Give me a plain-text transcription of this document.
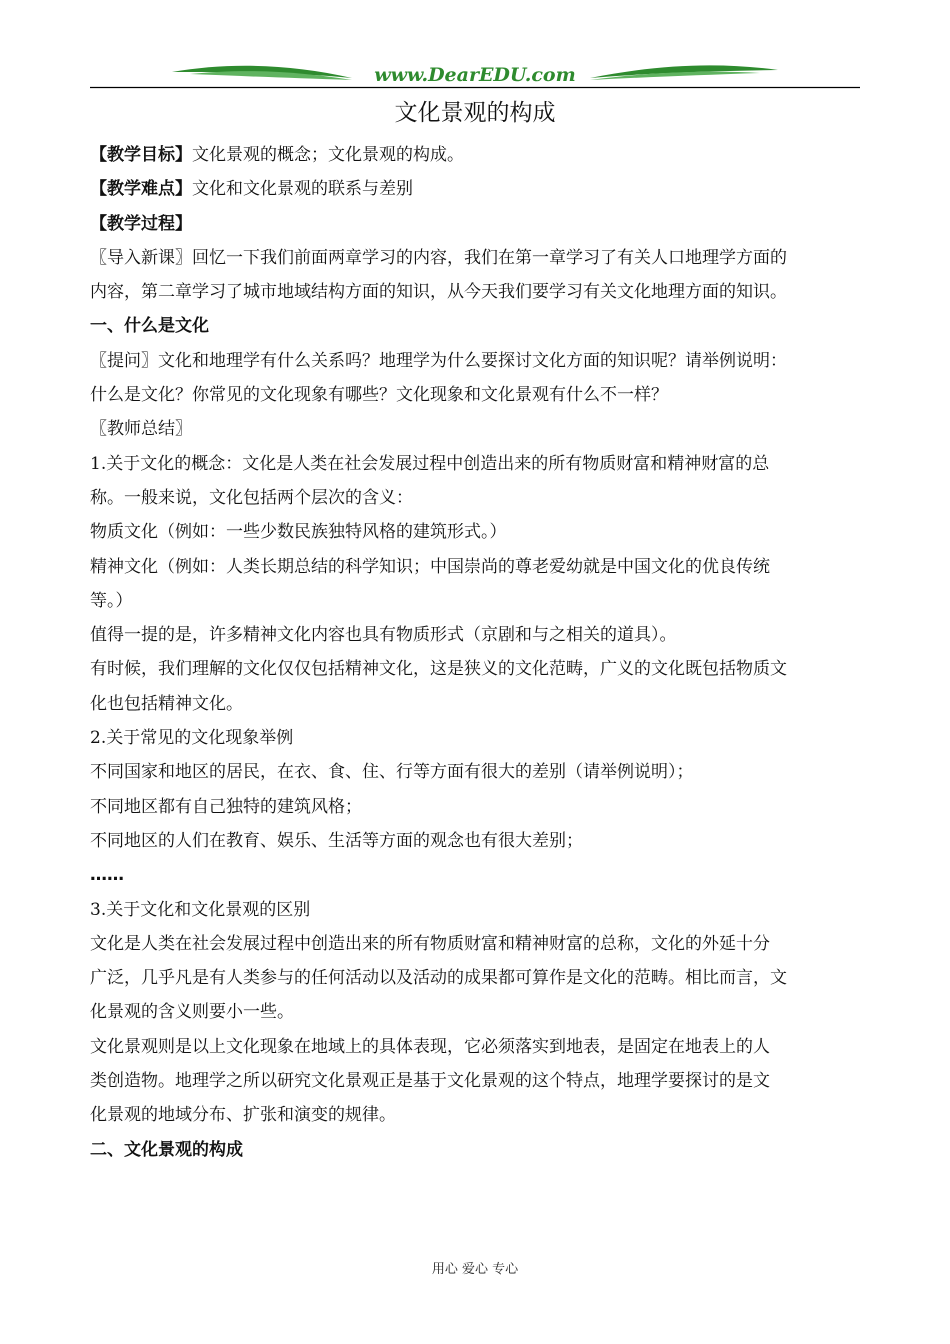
www.DearEDU.com
文化景观的构成
【教学目标】文化景观的概念；文化景观的构成。
【教学难点】文化和文化景观的联系与差别
【教学过程】
〖导入新课〗回忆一下我们前面两章学习的内容，我们在第一章学习了有关人口地理学方面的
内容，第二章学习了城市地域结构方面的知识，从今天我们要学习有关文化地理方面的知识。
一、什么是文化
〖提问〗文化和地理学有什么关系吗？地理学为什么要探讨文化方面的知识呢？请举例说明：
什么是文化？你常见的文化现象有哪些？文化现象和文化景观有什么不一样？
〖教师总结〗
1.关于文化的概念：文化是人类在社会发展过程中创造出来的所有物质财富和精神财富的总
称。一般来说，文化包括两个层次的含义：
物质文化（例如：一些少数民族独特风格的建筑形式。）
精神文化（例如：人类长期总结的科学知识；中国崇尚的尊老爱幼就是中国文化的优良传统
等。）
值得一提的是，许多精神文化内容也具有物质形式（京剧和与之相关的道具）。
有时候，我们理解的文化仅仅包括精神文化，这是狭义的文化范畴，广义的文化既包括物质文
化也包括精神文化。
2.关于常见的文化现象举例
不同国家和地区的居民，在衣、食、住、行等方面有很大的差别（请举例说明）；
不同地区都有自己独特的建筑风格；
不同地区的人们在教育、娱乐、生活等方面的观念也有很大差别；
……
3.关于文化和文化景观的区别
文化是人类在社会发展过程中创造出来的所有物质财富和精神财富的总称，文化的外延十分
广泛，几乎凡是有人类参与的任何活动以及活动的成果都可算作是文化的范畴。相比而言，文
化景观的含义则要小一些。
文化景观则是以上文化现象在地域上的具体表现，它必须落实到地表，是固定在地表上的人
类创造物。地理学之所以研究文化景观正是基于文化景观的这个特点，地理学要探讨的是文
化景观的地域分布、扩张和演变的规律。
二、文化景观的构成
用心 爱心 专心
